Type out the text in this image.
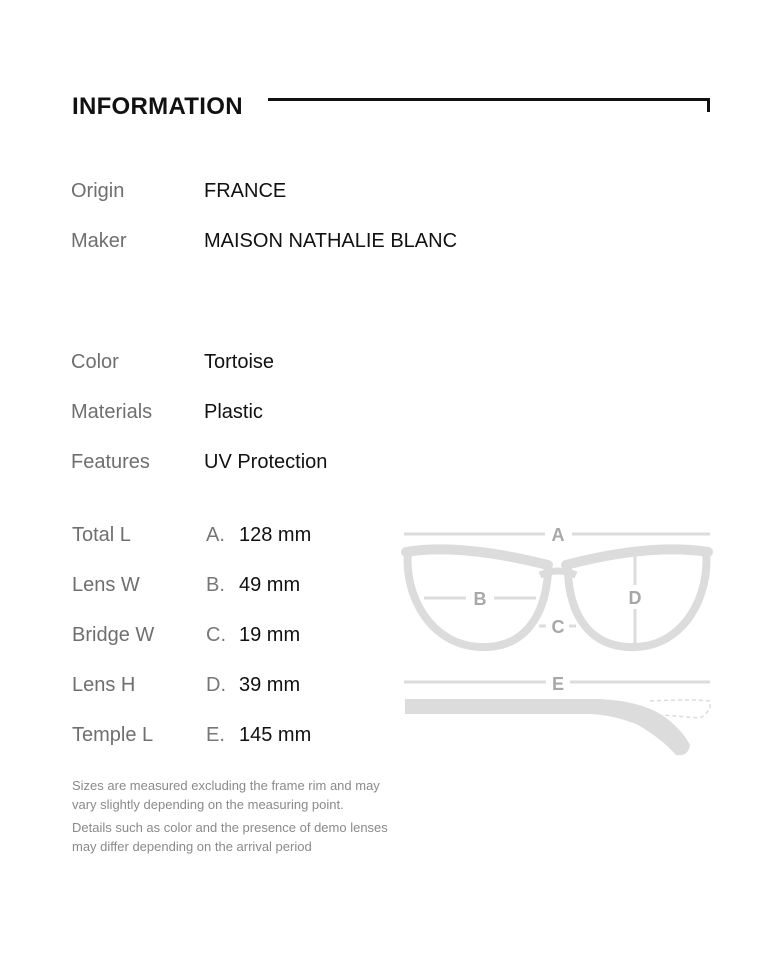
INFORMATION
Origin	FRANCE
Maker	MAISON NATHALIE BLANC
Color	Tortoise
Materials	Plastic
Features	UV Protection
Total L	A. 128 mm
Lens W	B. 49 mm
Bridge W	C. 19 mm
Lens H	D. 39 mm
Temple L	E. 145 mm
A
B
C
D
E
Sizes are measured excluding the frame rim and may vary slightly depending on the measuring point.
Details such as color and the presence of demo lenses may differ depending on the arrival period
